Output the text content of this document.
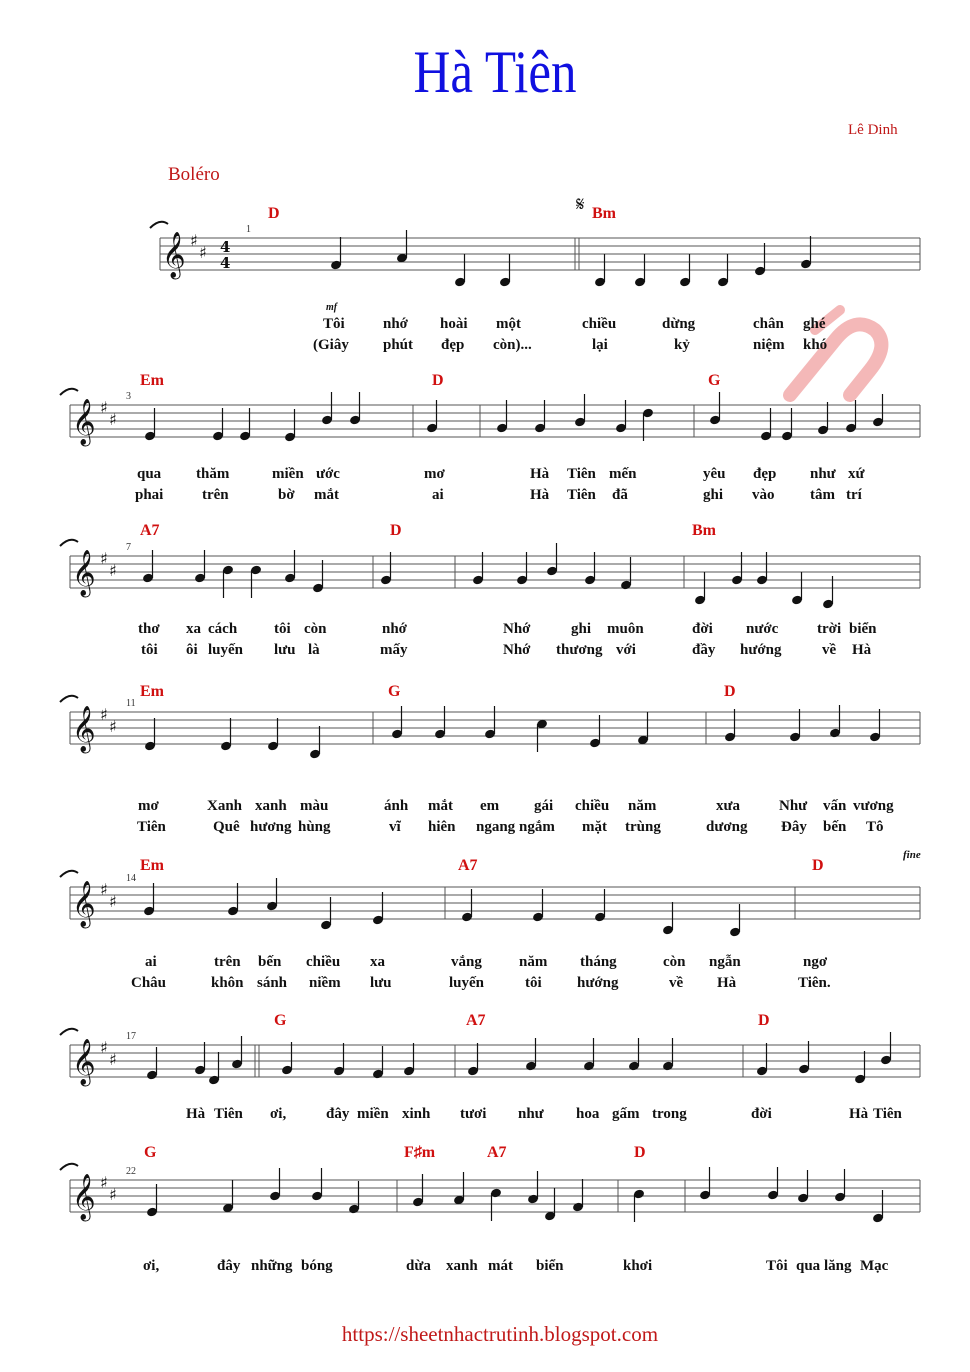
Hà Tiên
Lê Dinh
Boléro
𝄞 ♯
♯ 4
4
1
D	Bm
Tôi	nhớ hoài một	chiều	dừng	chân ghé
(Giây phút đẹp còn)...	lại	kỷ	niệm khó
𝄞 ♯
♯
3
Em	D	G
qua thăm	miền ước	mơ	Hà Tiên mến	yêu đẹp như xứ
phai	trên	bờ mắt	ai	Hà Tiên đã	ghi vào tâm trí
𝄞 ♯
♯
7
A7	D	Bm
thơ xa cách tôi còn	nhớ	Nhớ	ghi muôn	đời nước	trời biển
tôi ôi luyến lưu là	mấy	Nhớ thương với	đầy hướng	về Hà
𝄞 ♯
♯
11
Em	G	D
mơ	Xanh xanh màu	ánh mắt em gái chiều năm	xưa	Như vấn vương
Tiên	Quê hương hùng	vĩ hiên ngang ngắm mặt trùng	dương Đây bến Tô
𝄞 ♯
♯
14
Em	A7	D
ai	trên bến chiều xa	vắng năm tháng	còn ngẫn	ngơ
Châu	khôn sánh niềm lưu	luyến	tôi hướng	về Hà	Tiên.
𝄞 ♯
♯
17
G	A7	D
Hà Tiên ơi,	đây miền xinh tươi như hoa gấm trong	đời	Hà Tiên
𝄞 ♯
♯
22
G	F♯m	A7	D
ơi,	đây những bóng	dừa xanh mát biển	khơi	Tôi qua lăng Mạc
mf
𝄋
fine
https://sheetnhactrutinh.blogspot.com
